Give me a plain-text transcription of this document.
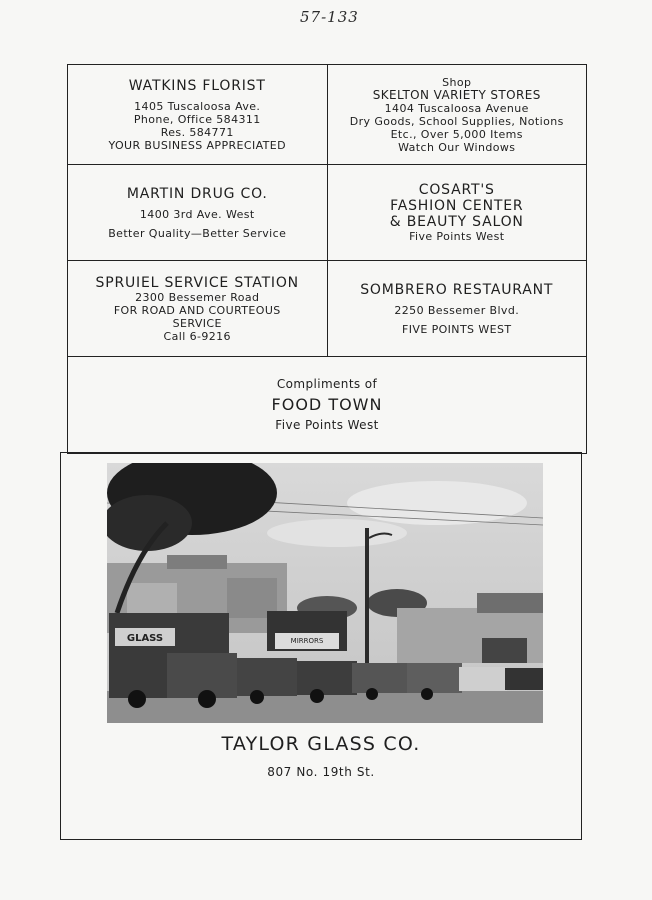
57-133
WATKINS FLORIST
1405 Tuscaloosa Ave.
Phone, Office 584311
Res. 584771
YOUR BUSINESS APPRECIATED
Shop
SKELTON VARIETY STORES
1404 Tuscaloosa Avenue
Dry Goods, School Supplies, Notions
Etc., Over 5,000 Items
Watch Our Windows
MARTIN DRUG CO.
1400 3rd Ave. West
Better Quality—Better Service
COSART'S
FASHION CENTER
& BEAUTY SALON
Five Points West
SPRUIEL SERVICE STATION
2300 Bessemer Road
FOR ROAD AND COURTEOUS
SERVICE
Call 6-9216
SOMBRERO RESTAURANT
2250 Bessemer Blvd.
FIVE POINTS WEST
Compliments of
FOOD TOWN
Five Points West
MIRRORS
GLASS
TAYLOR GLASS CO.
807 No. 19th St.
